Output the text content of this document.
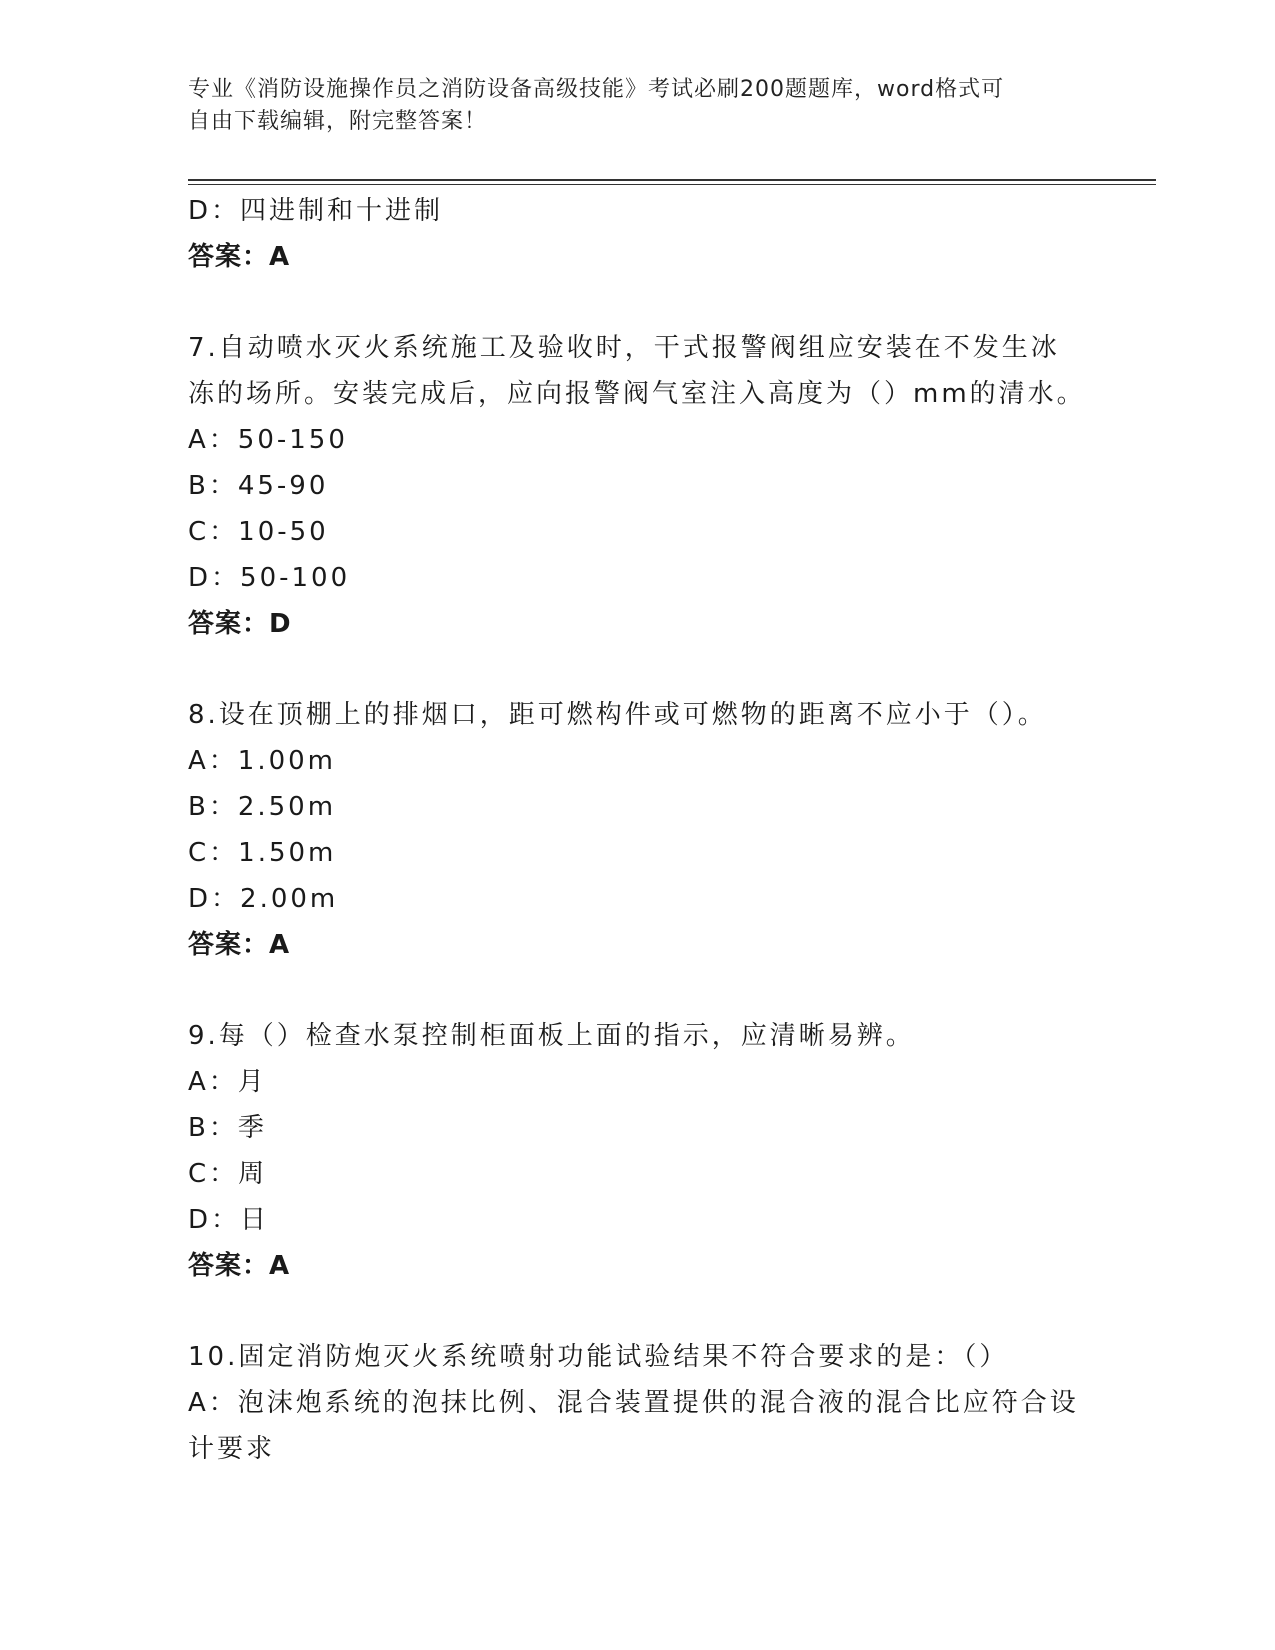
专业《消防设施操作员之消防设备高级技能》考试必刷200题题库，word格式可
自由下载编辑，附完整答案！
D：四进制和十进制
答案：A
7.自动喷水灭火系统施工及验收时，干式报警阀组应安装在不发生冰
冻的场所。安装完成后，应向报警阀气室注入高度为（）mm的清水。
A：50-150
B：45-90
C：10-50
D：50-100
答案：D
8.设在顶棚上的排烟口，距可燃构件或可燃物的距离不应小于（）。
A：1.00m
B：2.50m
C：1.50m
D：2.00m
答案：A
9.每（）检查水泵控制柜面板上面的指示，应清晰易辨。
A：月
B：季
C：周
D：日
答案：A
10.固定消防炮灭火系统喷射功能试验结果不符合要求的是：（）
A：泡沫炮系统的泡抹比例、混合装置提供的混合液的混合比应符合设
计要求
